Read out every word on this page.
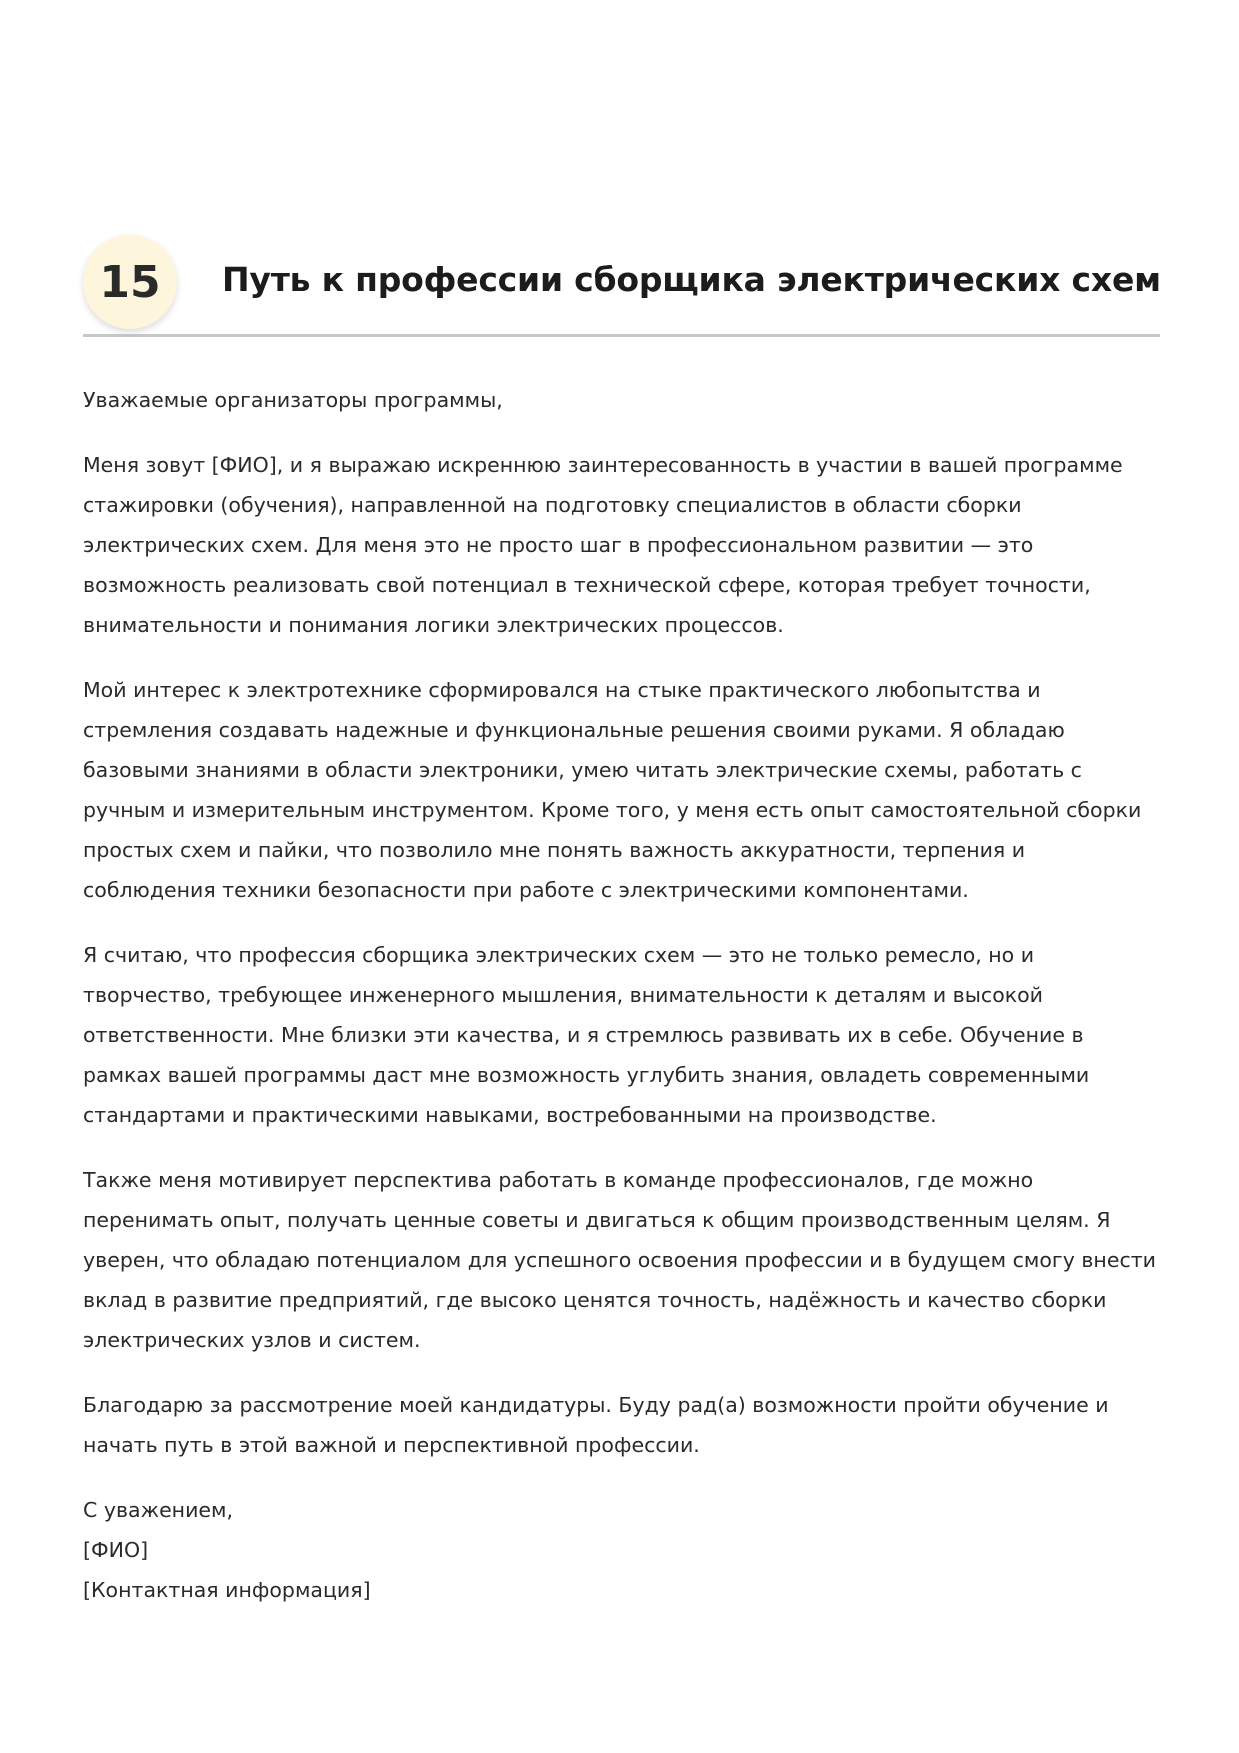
15	Путь к профессии сборщика электрических схем

Уважаемые организаторы программы,

Меня зовут [ФИО], и я выражаю искреннюю заинтересованность в участии в вашей программе стажировки (обучения), направленной на подготовку специалистов в области сборки электрических схем. Для меня это не просто шаг в профессиональном развитии — это возможность реализовать свой потенциал в технической сфере, которая требует точности, внимательности и понимания логики электрических процессов.

Мой интерес к электротехнике сформировался на стыке практического любопытства и стремления создавать надежные и функциональные решения своими руками. Я обладаю базовыми знаниями в области электроники, умею читать электрические схемы, работать с ручным и измерительным инструментом. Кроме того, у меня есть опыт самостоятельной сборки простых схем и пайки, что позволило мне понять важность аккуратности, терпения и соблюдения техники безопасности при работе с электрическими компонентами.

Я считаю, что профессия сборщика электрических схем — это не только ремесло, но и творчество, требующее инженерного мышления, внимательности к деталям и высокой ответственности. Мне близки эти качества, и я стремлюсь развивать их в себе. Обучение в рамках вашей программы даст мне возможность углубить знания, овладеть современными стандартами и практическими навыками, востребованными на производстве.

Также меня мотивирует перспектива работать в команде профессионалов, где можно перенимать опыт, получать ценные советы и двигаться к общим производственным целям. Я уверен, что обладаю потенциалом для успешного освоения профессии и в будущем смогу внести вклад в развитие предприятий, где высоко ценятся точность, надёжность и качество сборки электрических узлов и систем.

Благодарю за рассмотрение моей кандидатуры. Буду рад(а) возможности пройти обучение и начать путь в этой важной и перспективной профессии.

С уважением,

[ФИО]

[Контактная информация]
